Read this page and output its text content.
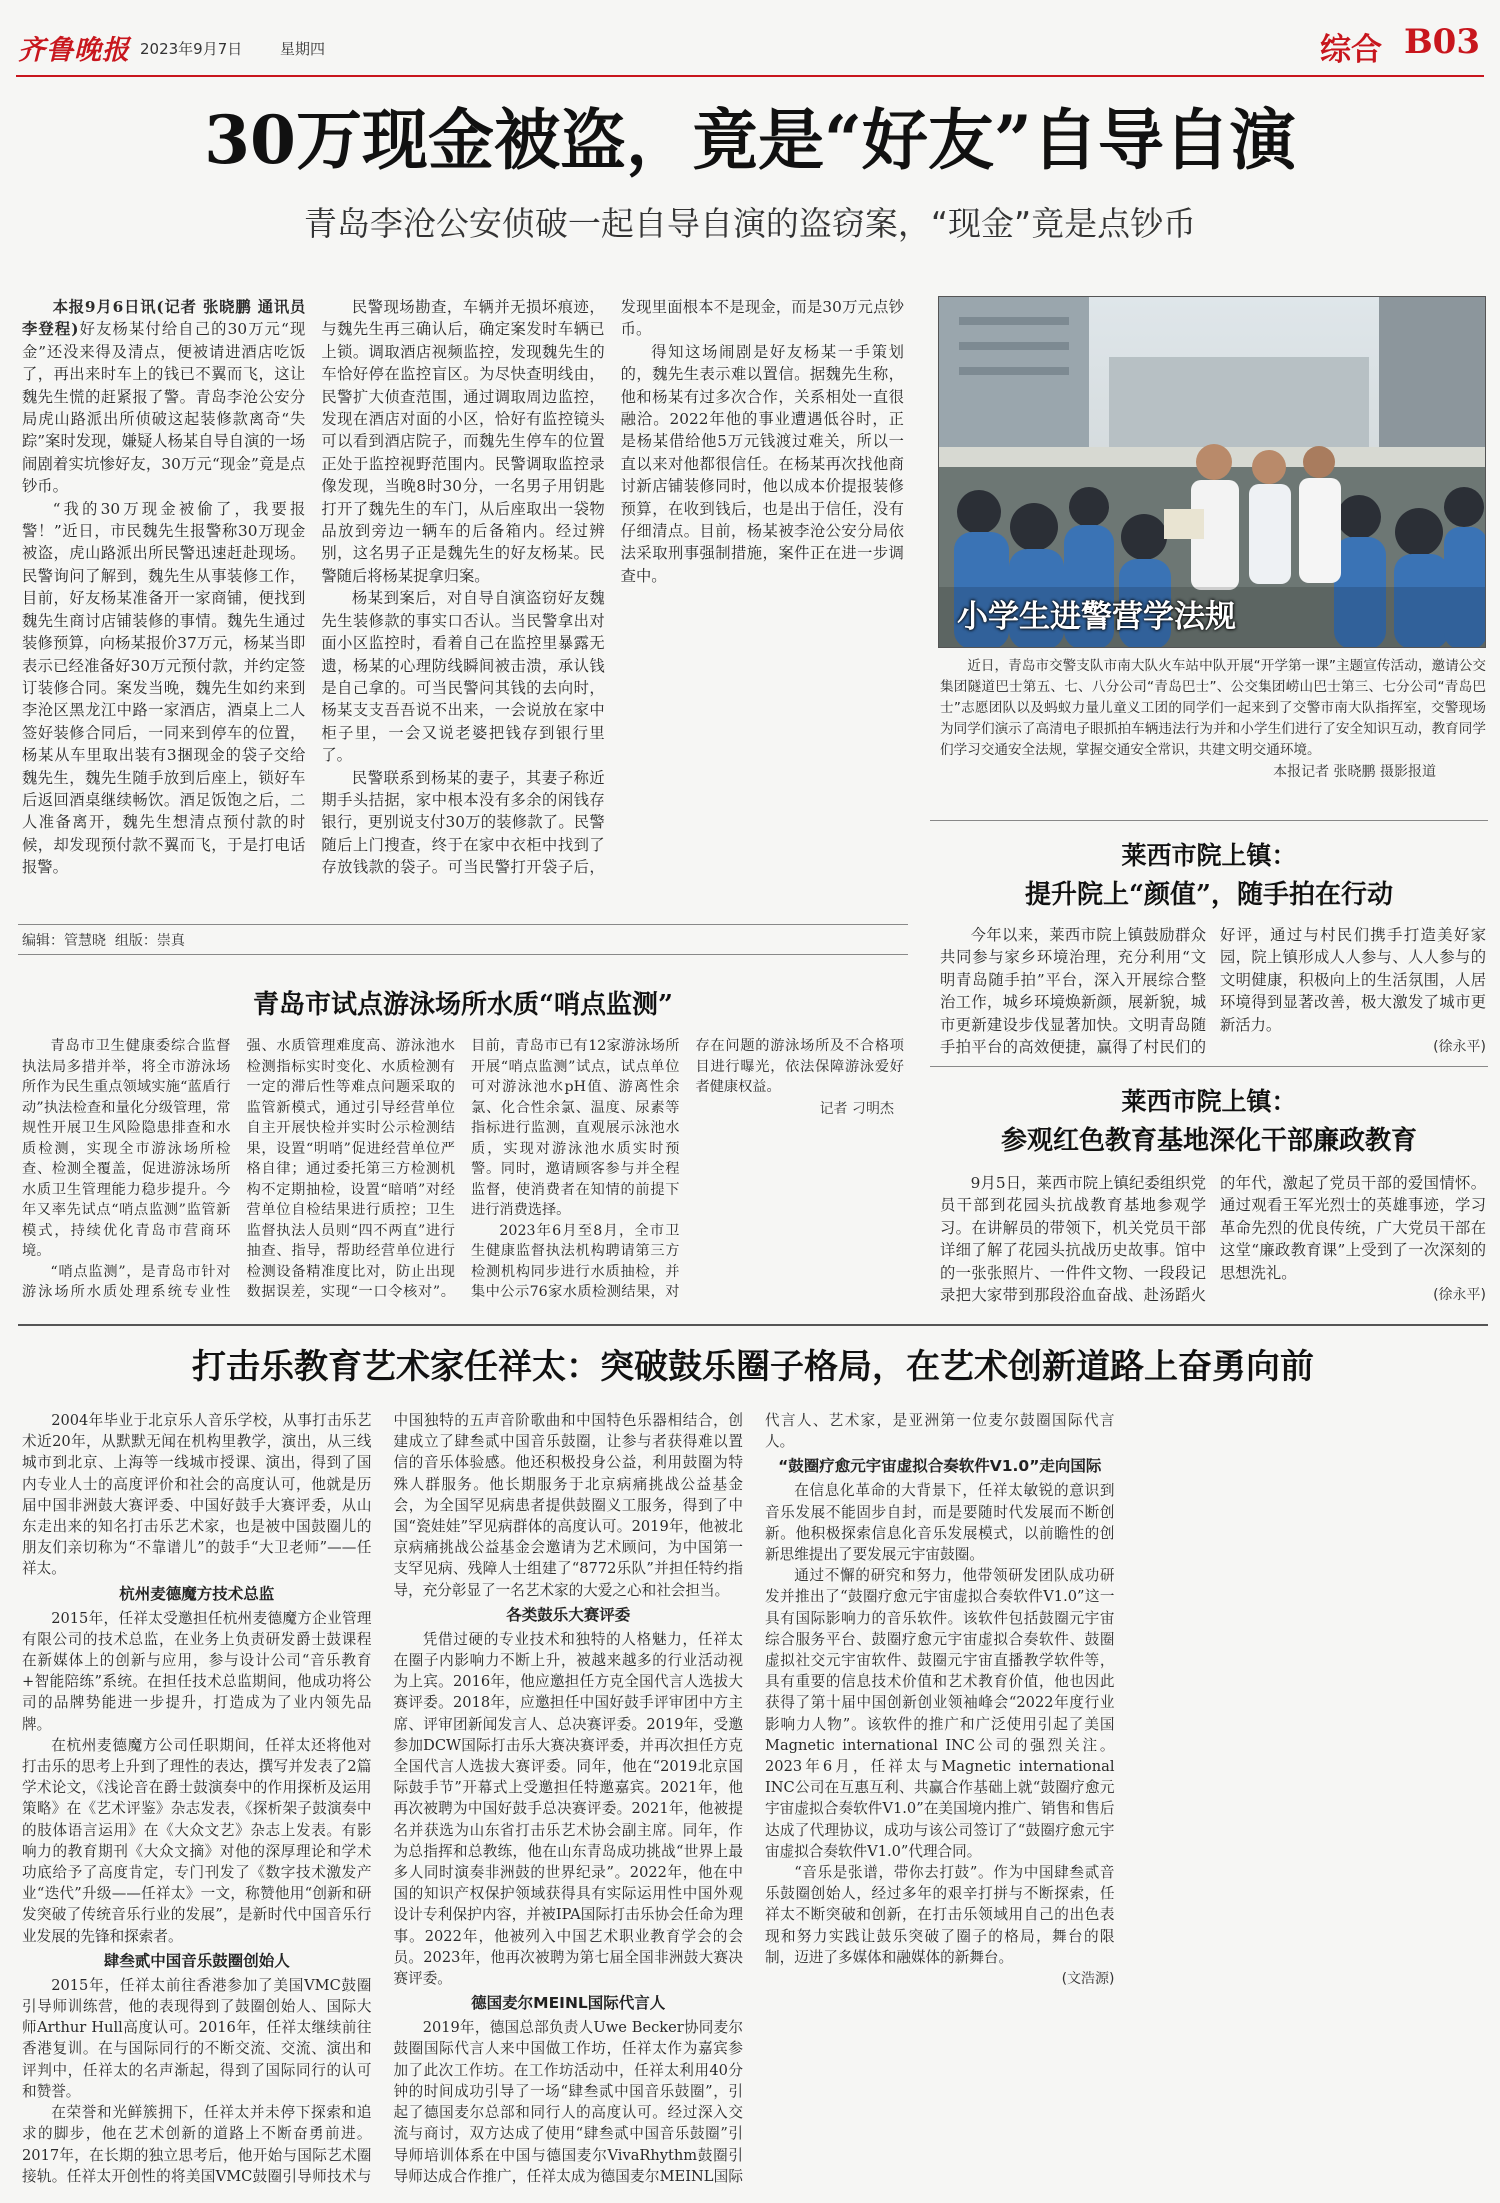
齐鲁晚报 2023年9月7日	星期四	综合 B03
30万现金被盗，竟是“好友”自导自演
青岛李沧公安侦破一起自导自演的盗窃案，“现金”竟是点钞币

本报9月6日讯(记者 张晓鹏 通讯员 李登程)好友杨某付给自己的30万元“现金”还没来得及清点，便被请进酒店吃饭了，再出来时车上的钱已不翼而飞，这让魏先生慌的赶紧报了警。青岛李沧公安分局虎山路派出所侦破这起装修款离奇“失踪”案时发现，嫌疑人杨某自导自演的一场闹剧着实坑惨好友，30万元“现金”竟是点钞币。

“我的30万现金被偷了，我要报警！”近日，市民魏先生报警称30万现金被盗，虎山路派出所民警迅速赶赴现场。民警询问了解到，魏先生从事装修工作，目前，好友杨某准备开一家商铺，便找到魏先生商讨店铺装修的事情。魏先生通过装修预算，向杨某报价37万元，杨某当即表示已经准备好30万元预付款，并约定签订装修合同。案发当晚，魏先生如约来到李沧区黑龙江中路一家酒店，酒桌上二人签好装修合同后，一同来到停车的位置，杨某从车里取出装有3捆现金的袋子交给魏先生，魏先生随手放到后座上，锁好车后返回酒桌继续畅饮。酒足饭饱之后，二人准备离开，魏先生想清点预付款的时候，却发现预付款不翼而飞，于是打电话报警。

民警现场勘查，车辆并无损坏痕迹，与魏先生再三确认后，确定案发时车辆已上锁。调取酒店视频监控，发现魏先生的车恰好停在监控盲区。为尽快查明线由，民警扩大侦查范围，通过调取周边监控，发现在酒店对面的小区，恰好有监控镜头可以看到酒店院子，而魏先生停车的位置正处于监控视野范围内。民警调取监控录像发现，当晚8时30分，一名男子用钥匙打开了魏先生的车门，从后座取出一袋物品放到旁边一辆车的后备箱内。经过辨别，这名男子正是魏先生的好友杨某。民警随后将杨某捉拿归案。

杨某到案后，对自导自演盗窃好友魏先生装修款的事实口否认。当民警拿出对面小区监控时，看着自己在监控里暴露无遗，杨某的心理防线瞬间被击溃，承认钱是自己拿的。可当民警问其钱的去向时，杨某支支吾吾说不出来，一会说放在家中柜子里，一会又说老婆把钱存到银行里了。

民警联系到杨某的妻子，其妻子称近期手头拮据，家中根本没有多余的闲钱存银行，更别说支付30万的装修款了。民警随后上门搜查，终于在家中衣柜中找到了存放钱款的袋子。可当民警打开袋子后，发现里面根本不是现金，而是30万元点钞币。

得知这场闹剧是好友杨某一手策划的，魏先生表示难以置信。据魏先生称，他和杨某有过多次合作，关系相处一直很融洽。2022年他的事业遭遇低谷时，正是杨某借给他5万元钱渡过难关，所以一直以来对他都很信任。在杨某再次找他商讨新店铺装修同时，他以成本价提报装修预算，在收到钱后，也是出于信任，没有仔细清点。目前，杨某被李沧公安分局依法采取刑事强制措施，案件正在进一步调查中。

编辑：管慧晓  组版：崇真
小学生进警营学法规

近日，青岛市交警支队市南大队火车站中队开展“开学第一课”主题宣传活动，邀请公交集团隧道巴士第五、七、八分公司“青岛巴士”、公交集团崂山巴士第三、七分公司“青岛巴士”志愿团队以及蚂蚁力量儿童义工团的同学们一起来到了交警市南大队指挥室，交警现场为同学们演示了高清电子眼抓拍车辆违法行为并和小学生们进行了安全知识互动，教育同学们学习交通安全法规，掌握交通安全常识，共建文明交通环境。

本报记者 张晓鹏 摄影报道
莱西市院上镇：
提升院上“颜值”，随手拍在行动

今年以来，莱西市院上镇鼓励群众共同参与家乡环境治理，充分利用“文明青岛随手拍”平台，深入开展综合整治工作，城乡环境焕新颜，展新貌，城市更新建设步伐显著加快。文明青岛随手拍平台的高效便捷，赢得了村民们的好评，通过与村民们携手打造美好家园，院上镇形成人人参与、人人参与的文明健康，积极向上的生活氛围，人居环境得到显著改善，极大激发了城市更新活力。

(徐永平)
莱西市院上镇：
参观红色教育基地深化干部廉政教育

9月5日，莱西市院上镇纪委组织党员干部到花园头抗战教育基地参观学习。在讲解员的带领下，机关党员干部详细了解了花园头抗战历史故事。馆中的一张张照片、一件件文物、一段段记录把大家带到那段浴血奋战、赴汤蹈火的年代，激起了党员干部的爱国情怀。通过观看王军光烈士的英雄事迹，学习革命先烈的优良传统，广大党员干部在这堂“廉政教育课”上受到了一次深刻的思想洗礼。

(徐永平)
青岛市试点游泳场所水质“哨点监测”

青岛市卫生健康委综合监督执法局多措并举，将全市游泳场所作为民生重点领域实施“蓝盾行动”执法检查和量化分级管理，常规性开展卫生风险隐患排查和水质检测，实现全市游泳场所检查、检测全覆盖，促进游泳场所水质卫生管理能力稳步提升。今年又率先试点“哨点监测”监管新模式，持续优化青岛市营商环境。

“哨点监测”，是青岛市针对游泳场所水质处理系统专业性强、水质管理难度高、游泳池水检测指标实时变化、水质检测有一定的滞后性等难点问题采取的监管新模式，通过引导经营单位自主开展快检并实时公示检测结果，设置“明哨”促进经营单位严格自律；通过委托第三方检测机构不定期抽检，设置“暗哨”对经营单位自检结果进行质控；卫生监督执法人员则“四不两直”进行抽查、指导，帮助经营单位进行检测设备精准度比对，防止出现数据误差，实现“一口令核对”。目前，青岛市已有12家游泳场所开展“哨点监测”试点，试点单位可对游泳池水pH值、游离性余氯、化合性余氯、温度、尿素等指标进行监测，直观展示泳池水质，实现对游泳池水质实时预警。同时，邀请顾客参与并全程监督，使消费者在知情的前提下进行消费选择。

2023年6月至8月，全市卫生健康监督执法机构聘请第三方检测机构同步进行水质抽检，并集中公示76家水质检测结果，对存在问题的游泳场所及不合格项目进行曝光，依法保障游泳爱好者健康权益。

记者 刁明杰
打击乐教育艺术家任祥太：突破鼓乐圈子格局，在艺术创新道路上奋勇向前

2004年毕业于北京乐人音乐学校，从事打击乐艺术近20年，从默默无闻在机构里教学，演出，从三线城市到北京、上海等一线城市授课、演出，得到了国内专业人士的高度评价和社会的高度认可，他就是历届中国非洲鼓大赛评委、中国好鼓手大赛评委，从山东走出来的知名打击乐艺术家，也是被中国鼓圈儿的朋友们亲切称为“不靠谱儿”的鼓手“大卫老师”——任祥太。

杭州麦德魔方技术总监

2015年，任祥太受邀担任杭州麦德魔方企业管理有限公司的技术总监，在业务上负责研发爵士鼓课程在新媒体上的创新与应用，参与设计公司“音乐教育+智能陪练”系统。在担任技术总监期间，他成功将公司的品牌势能进一步提升，打造成为了业内领先品牌。

在杭州麦德魔方公司任职期间，任祥太还将他对打击乐的思考上升到了理性的表达，撰写并发表了2篇学术论文，《浅论音在爵士鼓演奏中的作用探析及运用策略》在《艺术评鉴》杂志发表，《探析架子鼓演奏中的肢体语言运用》在《大众文艺》杂志上发表。有影响力的教育期刊《大众文摘》对他的深厚理论和学术功底给予了高度肯定，专门刊发了《数字技术激发产业“迭代”升级——任祥太》一文，称赞他用“创新和研发突破了传统音乐行业的发展”，是新时代中国音乐行业发展的先锋和探索者。

肆叁贰中国音乐鼓圈创始人

2015年，任祥太前往香港参加了美国VMC鼓圈引导师训练营，他的表现得到了鼓圈创始人、国际大师Arthur Hull高度认可。2016年，任祥太继续前往香港复训。在与国际同行的不断交流、交流、演出和评判中，任祥太的名声渐起，得到了国际同行的认可和赞誉。

在荣誉和光鲜簇拥下，任祥太并未停下探索和追求的脚步，他在艺术创新的道路上不断奋勇前进。2017年，在长期的独立思考后，他开始与国际艺术圈接轨。任祥太开创性的将美国VMC鼓圈引导师技术与中国独特的五声音阶歌曲和中国特色乐器相结合，创建成立了肆叁贰中国音乐鼓圈，让参与者获得难以置信的音乐体验感。他还积极投身公益，利用鼓圈为特殊人群服务。他长期服务于北京病痛挑战公益基金会，为全国罕见病患者提供鼓圈义工服务，得到了中国“瓷娃娃”罕见病群体的高度认可。2019年，他被北京病痛挑战公益基金会邀请为艺术顾问，为中国第一支罕见病、残障人士组建了“8772乐队”并担任特约指导，充分彰显了一名艺术家的大爱之心和社会担当。

各类鼓乐大赛评委

凭借过硬的专业技术和独特的人格魅力，任祥太在圈子内影响力不断上升，被越来越多的行业活动视为上宾。2016年，他应邀担任方克全国代言人选拔大赛评委。2018年，应邀担任中国好鼓手评审团中方主席、评审团新闻发言人、总决赛评委。2019年，受邀参加DCW国际打击乐大赛决赛评委，并再次担任方克全国代言人选拔大赛评委。同年，他在“2019北京国际鼓手节”开幕式上受邀担任特邀嘉宾。2021年，他再次被聘为中国好鼓手总决赛评委。2021年，他被提名并获选为山东省打击乐艺术协会副主席。同年，作为总指挥和总教练，他在山东青岛成功挑战“世界上最多人同时演奏非洲鼓的世界纪录”。2022年，他在中国的知识产权保护领域获得具有实际运用性中国外观设计专利保护内容，并被IPA国际打击乐协会任命为理事。2022年，他被列入中国艺术职业教育学会的会员。2023年，他再次被聘为第七届全国非洲鼓大赛决赛评委。

德国麦尔MEINL国际代言人

2019年，德国总部负责人Uwe Becker协同麦尔鼓圈国际代言人来中国做工作坊，任祥太作为嘉宾参加了此次工作坊。在工作坊活动中，任祥太利用40分钟的时间成功引导了一场“肆叁贰中国音乐鼓圈”，引起了德国麦尔总部和同行人的高度认可。经过深入交流与商讨，双方达成了使用“肆叁贰中国音乐鼓圈”引导师培训体系在中国与德国麦尔VivaRhythm鼓圈引导师达成合作推广，任祥太成为德国麦尔MEINL国际代言人、艺术家，是亚洲第一位麦尔鼓圈国际代言人。

“鼓圈疗愈元宇宙虚拟合奏软件V1.0”走向国际

在信息化革命的大背景下，任祥太敏锐的意识到音乐发展不能固步自封，而是要随时代发展而不断创新。他积极探索信息化音乐发展模式，以前瞻性的创新思维提出了要发展元宇宙鼓圈。

通过不懈的研究和努力，他带领研发团队成功研发并推出了“鼓圈疗愈元宇宙虚拟合奏软件V1.0”这一具有国际影响力的音乐软件。该软件包括鼓圈元宇宙综合服务平台、鼓圈疗愈元宇宙虚拟合奏软件、鼓圈虚拟社交元宇宙软件、鼓圈元宇宙直播教学软件等，具有重要的信息技术价值和艺术教育价值，他也因此获得了第十届中国创新创业领袖峰会“2022年度行业影响力人物”。该软件的推广和广泛使用引起了美国Magnetic international INC公司的强烈关注。2023年6月，任祥太与Magnetic international INC公司在互惠互利、共赢合作基础上就“鼓圈疗愈元宇宙虚拟合奏软件V1.0”在美国境内推广、销售和售后达成了代理协议，成功与该公司签订了“鼓圈疗愈元宇宙虚拟合奏软件V1.0”代理合同。

“音乐是张谱，带你去打鼓”。作为中国肆叁贰音乐鼓圈创始人，经过多年的艰辛打拼与不断探索，任祥太不断突破和创新，在打击乐领域用自己的出色表现和努力实践让鼓乐突破了圈子的格局，舞台的限制，迈进了多媒体和融媒体的新舞台。

(文浩源)
